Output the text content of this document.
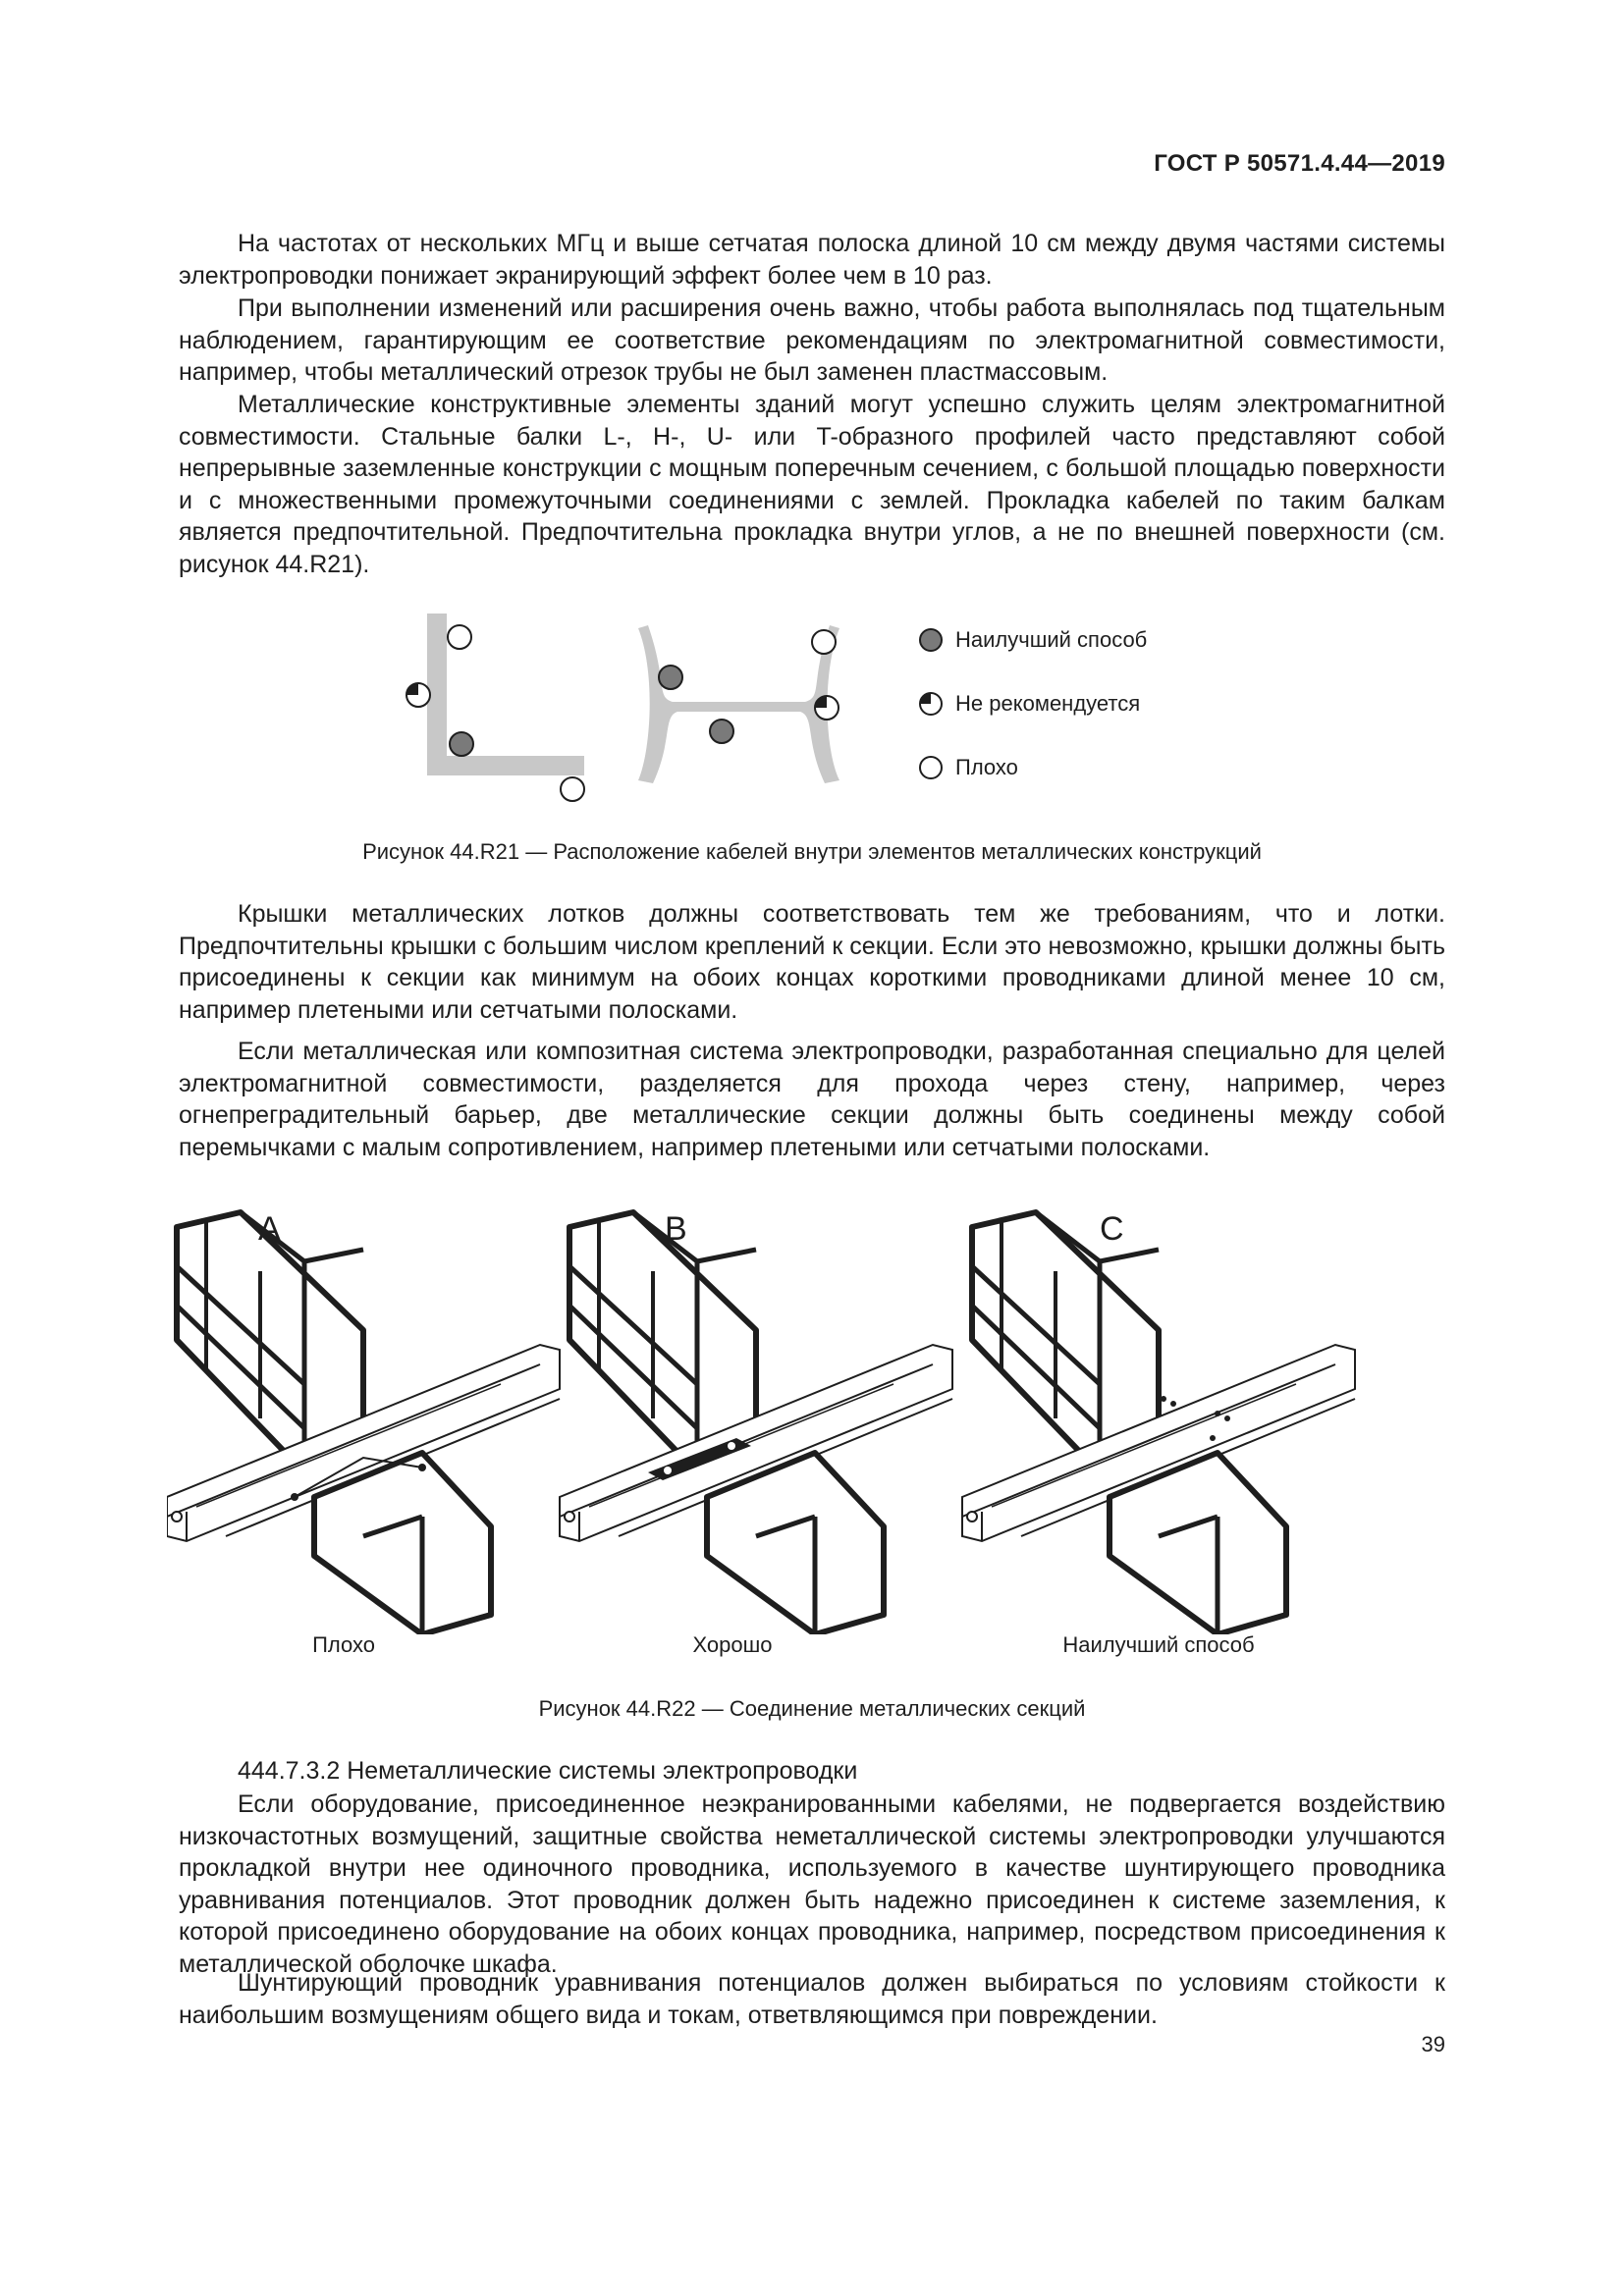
ГОСТ Р 50571.4.44—2019
На частотах от нескольких МГц и выше сетчатая полоска длиной 10 см между двумя частями системы электропроводки понижает экранирующий эффект более чем в 10 раз.
При выполнении изменений или расширения очень важно, чтобы работа выполнялась под тщательным наблюдением, гарантирующим ее соответствие рекомендациям по электромагнитной совместимости, например, чтобы металлический отрезок трубы не был заменен пластмассовым.
Металлические конструктивные элементы зданий могут успешно служить целям электромагнитной совместимости. Стальные балки L-, H-, U- или T-образного профилей часто представляют собой непрерывные заземленные конструкции с мощным поперечным сечением, с большой площадью поверхности и с множественными промежуточными соединениями с землей. Прокладка кабелей по таким балкам является предпочтительной. Предпочтительна прокладка внутри углов, а не по внешней поверхности (см. рисунок 44.R21).
Наилучший способ
Не рекомендуется
Плохо
Рисунок 44.R21 — Расположение кабелей внутри элементов металлических конструкций
Крышки металлических лотков должны соответствовать тем же требованиям, что и лотки. Предпочтительны крышки с большим числом креплений к секции. Если это невозможно, крышки должны быть присоединены к секции как минимум на обоих концах короткими проводниками длиной менее 10 см, например плетеными или сетчатыми полосками.
Если металлическая или композитная система электропроводки, разработанная специально для целей электромагнитной совместимости, разделяется для прохода через стену, например, через огнепреградительный барьер, две металлические секции должны быть соединены между собой перемычками с малым сопротивлением, например плетеными или сетчатыми полосками.
A	B	C
Плохо	Хорошо	Наилучший способ
Рисунок 44.R22 — Соединение металлических секций
444.7.3.2 Неметаллические системы электропроводки
Если оборудование, присоединенное неэкранированными кабелями, не подвергается воздействию низкочастотных возмущений, защитные свойства неметаллической системы электропроводки улучшаются прокладкой внутри нее одиночного проводника, используемого в качестве шунтирующего проводника уравнивания потенциалов. Этот проводник должен быть надежно присоединен к системе заземления, к которой присоединено оборудование на обоих концах проводника, например, посредством присоединения к металлической оболочке шкафа.
Шунтирующий проводник уравнивания потенциалов должен выбираться по условиям стойкости к наибольшим возмущениям общего вида и токам, ответвляющимся при повреждении.
39
